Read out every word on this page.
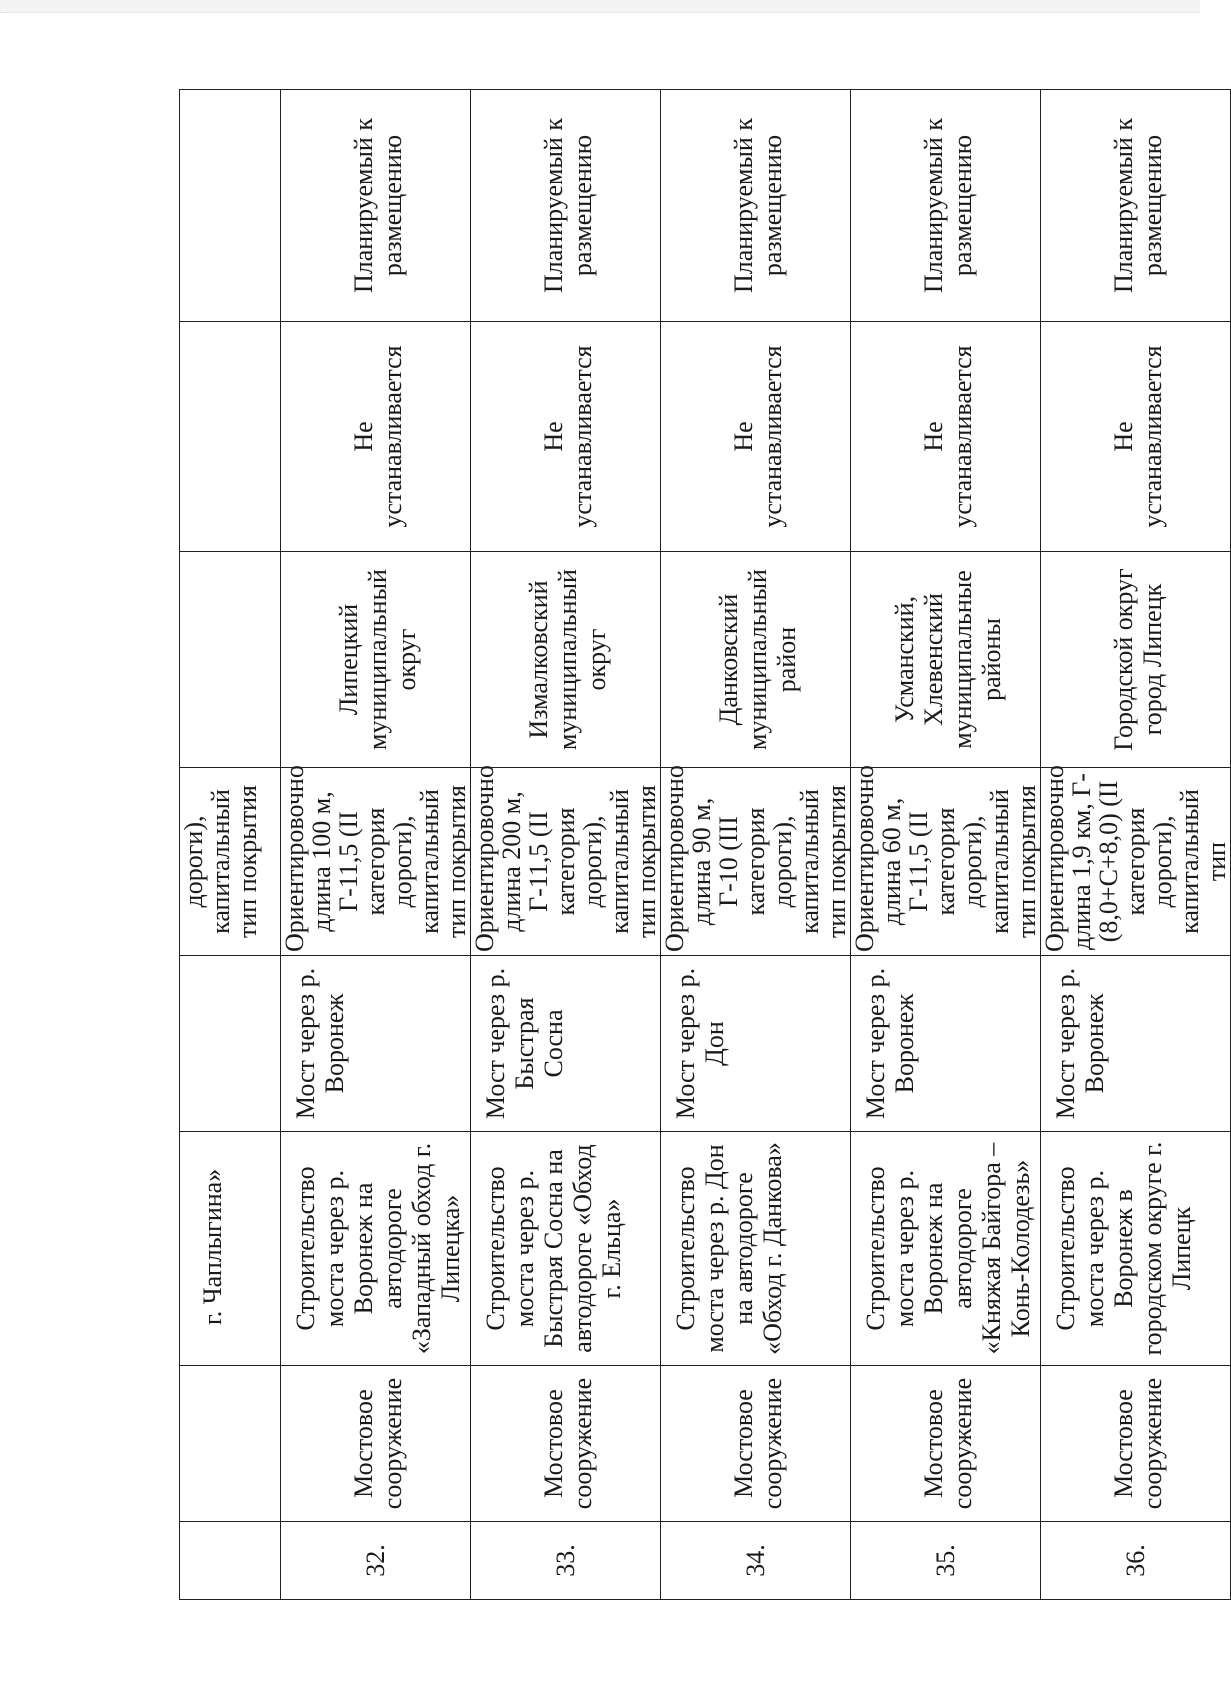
		г. Чаплыгина»		дороги), капитальный тип покрытия			
32.	Мостовое сооружение	Строительство моста через р. Воронеж на автодороге «Западный обход г. Липецка»	Мост через р. Воронеж	Ориентировочно длина 100 м, Г-11,5 (II категория дороги), капитальный тип покрытия	Липецкий муниципальный округ	Не устанавливается	Планируемый к размещению
33.	Мостовое сооружение	Строительство моста через р. Быстрая Сосна на автодороге «Обход г. Ельца»	Мост через р. Быстрая Сосна	Ориентировочно длина 200 м, Г-11,5 (II категория дороги), капитальный тип покрытия	Измалковский муниципальный округ	Не устанавливается	Планируемый к размещению
34.	Мостовое сооружение	Строительство моста через р. Дон на автодороге «Обход г. Данкова»	Мост через р. Дон	Ориентировочно длина 90 м, Г-10 (III категория дороги), капитальный тип покрытия	Данковский муниципальный район	Не устанавливается	Планируемый к размещению
35.	Мостовое сооружение	Строительство моста через р. Воронеж на автодороге «Княжая Байгора – Конь-Колодезь»	Мост через р. Воронеж	Ориентировочно длина 60 м, Г-11,5 (II категория дороги), капитальный тип покрытия	Усманский, Хлевенский муниципальные районы	Не устанавливается	Планируемый к размещению
36.	Мостовое сооружение	Строительство моста через р. Воронеж в городском округе г. Липецк	Мост через р. Воронеж	Ориентировочно длина 1,9 км, Г-(8,0+С+8,0) (II категория дороги), капитальный тип	Городской округ город Липецк	Не устанавливается	Планируемый к размещению
